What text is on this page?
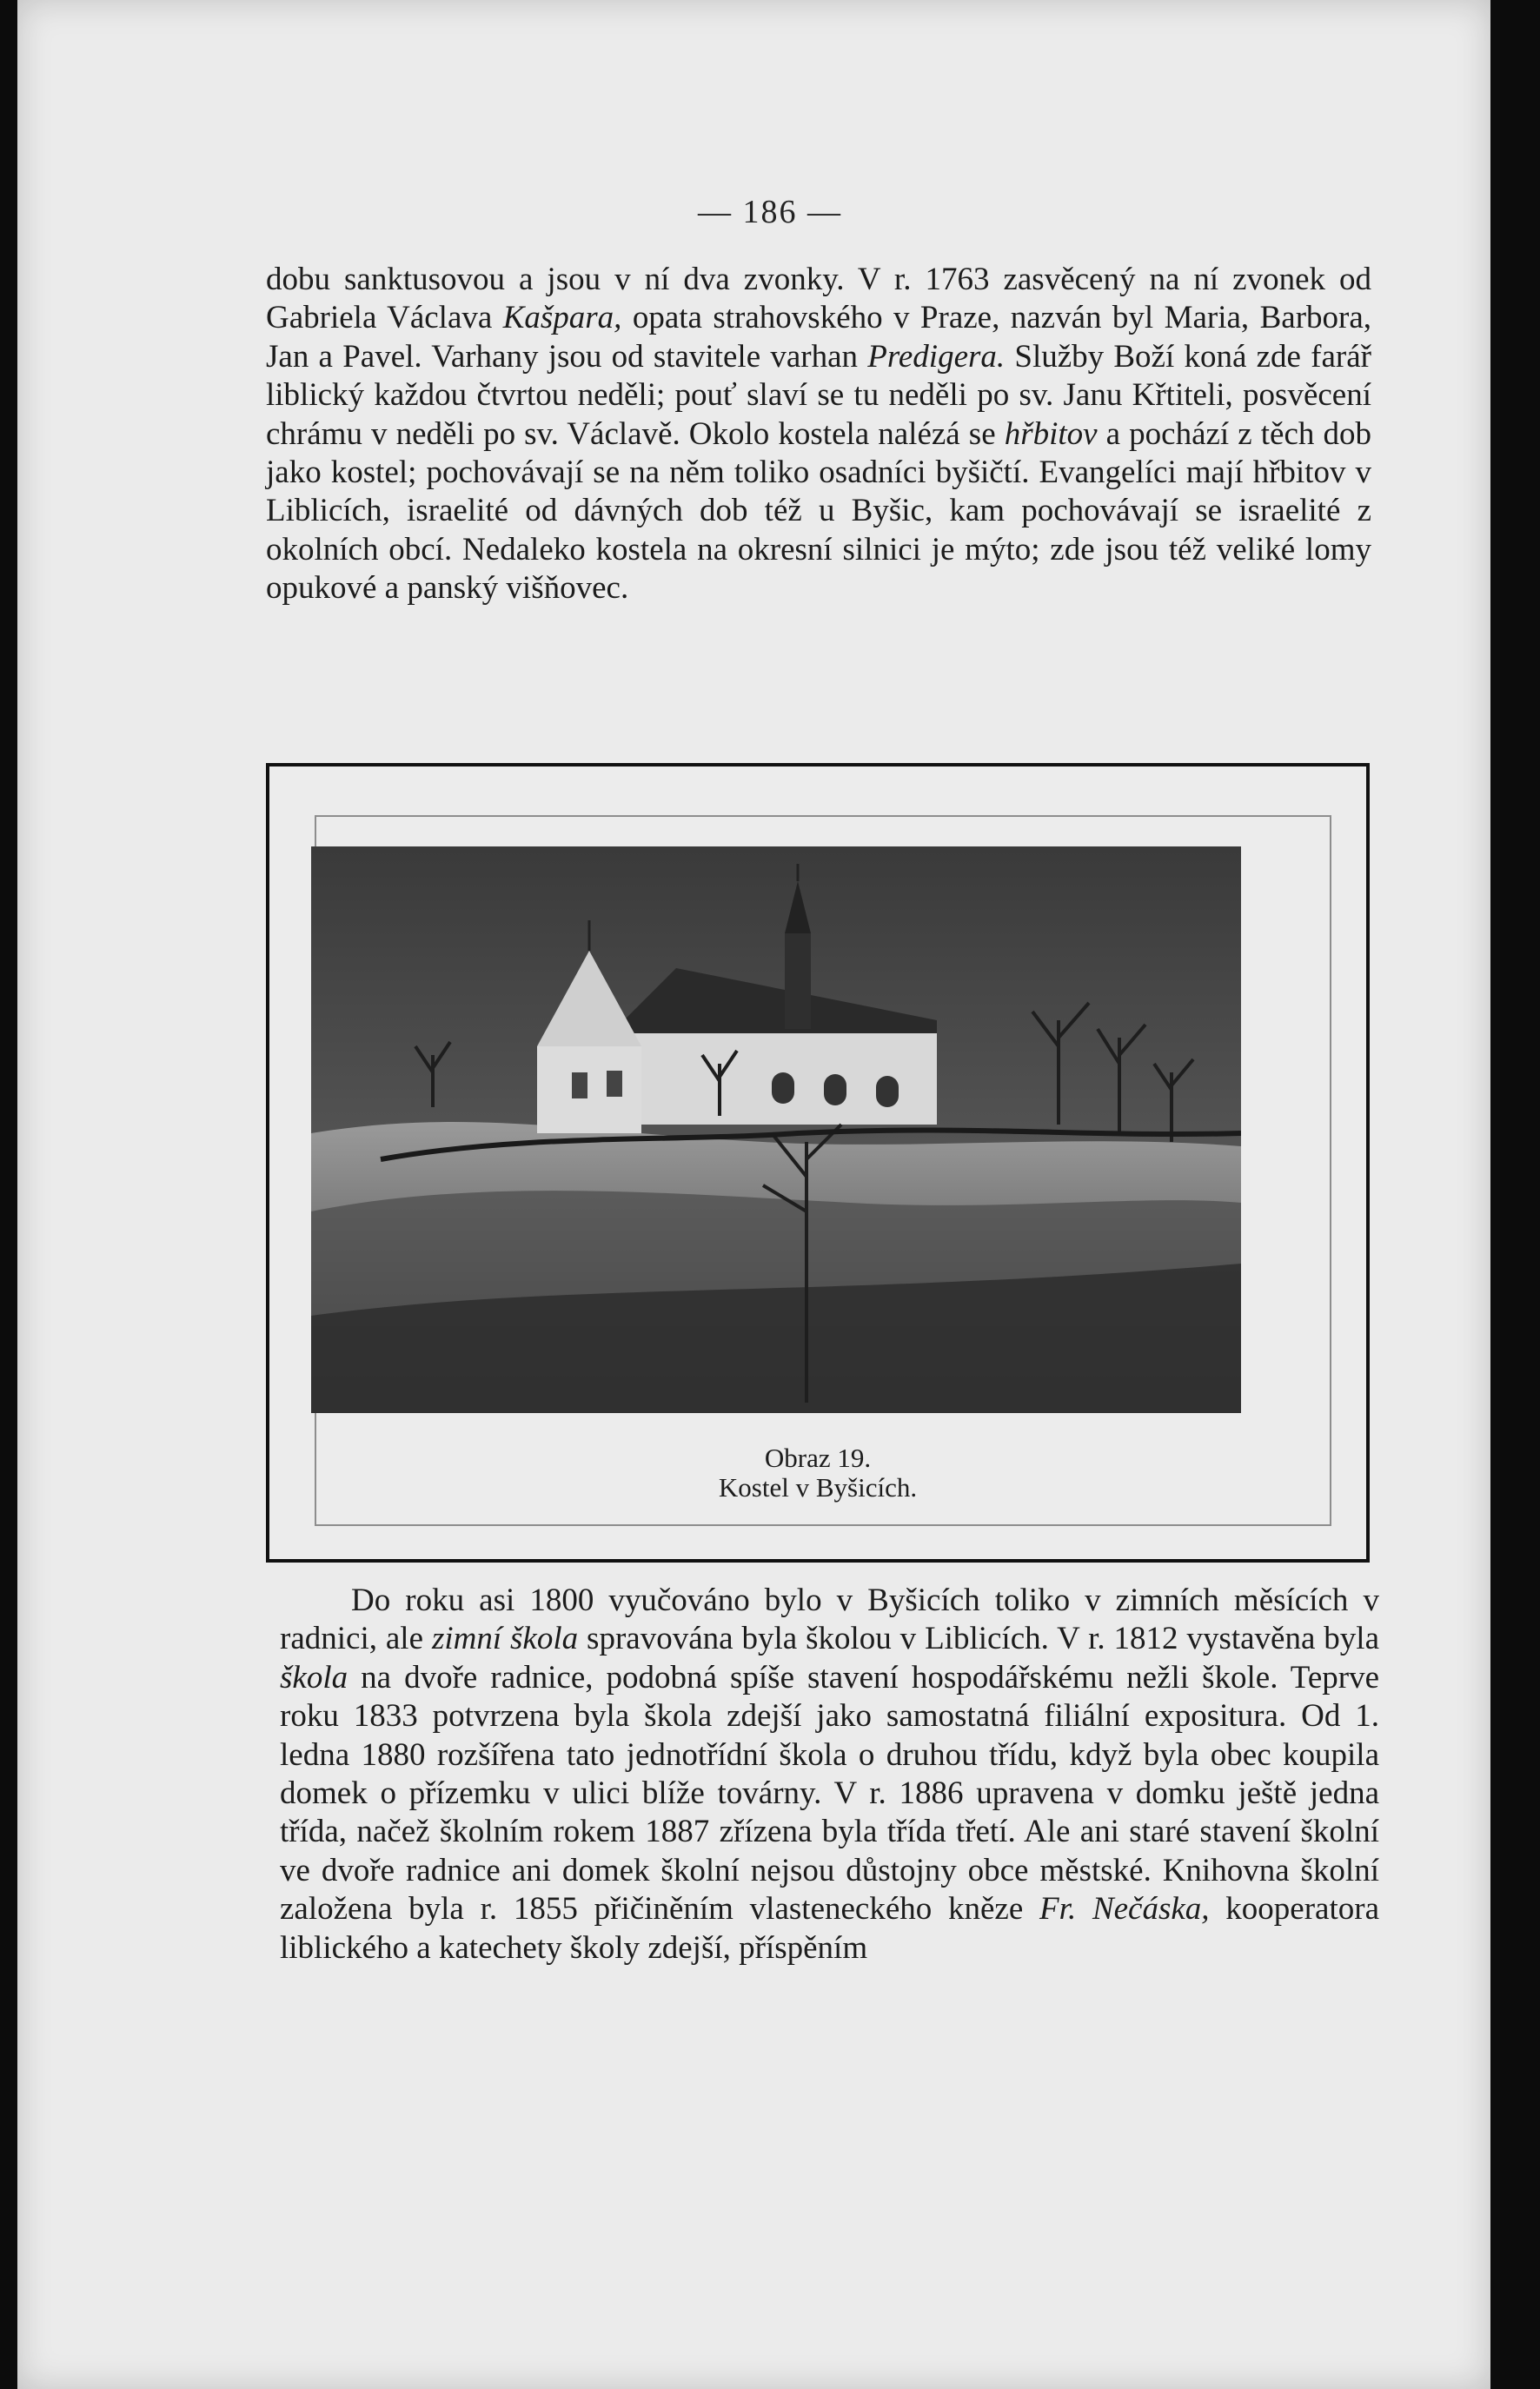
— 186 —
dobu sanktusovou a jsou v ní dva zvonky. V r. 1763 zasvěcený na ní zvonek od Gabriela Václava Kašpara, opata strahovského v Praze, nazván byl Maria, Barbora, Jan a Pavel. Varhany jsou od stavitele varhan Predigera. Služby Boží koná zde farář liblický každou čtvrtou neděli; pouť slaví se tu neděli po sv. Janu Křtiteli, posvěcení chrámu v neděli po sv. Václavě. Okolo kostela nalézá se hřbitov a pochází z těch dob jako kostel; pochovávají se na něm toliko osadníci byšičtí. Evangelíci mají hřbitov v Liblicích, israelité od dávných dob též u Byšic, kam pochovávají se israelité z okolních obcí. Nedaleko kostela na okresní silnici je mýto; zde jsou též veliké lomy opukové a panský višňovec.
Obraz 19.
Kostel v Byšicích.
Do roku asi 1800 vyučováno bylo v Byšicích toliko v zimních měsících v radnici, ale zimní škola spravována byla školou v Liblicích. V r. 1812 vystavěna byla škola na dvoře radnice, podobná spíše stavení hospodářskému nežli škole. Teprve roku 1833 potvrzena byla škola zdejší jako samostatná filiální expositura. Od 1. ledna 1880 rozšířena tato jednotřídní škola o druhou třídu, když byla obec koupila domek o přízemku v ulici blíže továrny. V r. 1886 upravena v domku ještě jedna třída, načež školním rokem 1887 zřízena byla třída třetí. Ale ani staré stavení školní ve dvoře radnice ani domek školní nejsou důstojny obce městské. Knihovna školní založena byla r. 1855 přičiněním vlasteneckého kněze Fr. Nečáska, kooperatora liblického a katechety školy zdejší, příspěním
